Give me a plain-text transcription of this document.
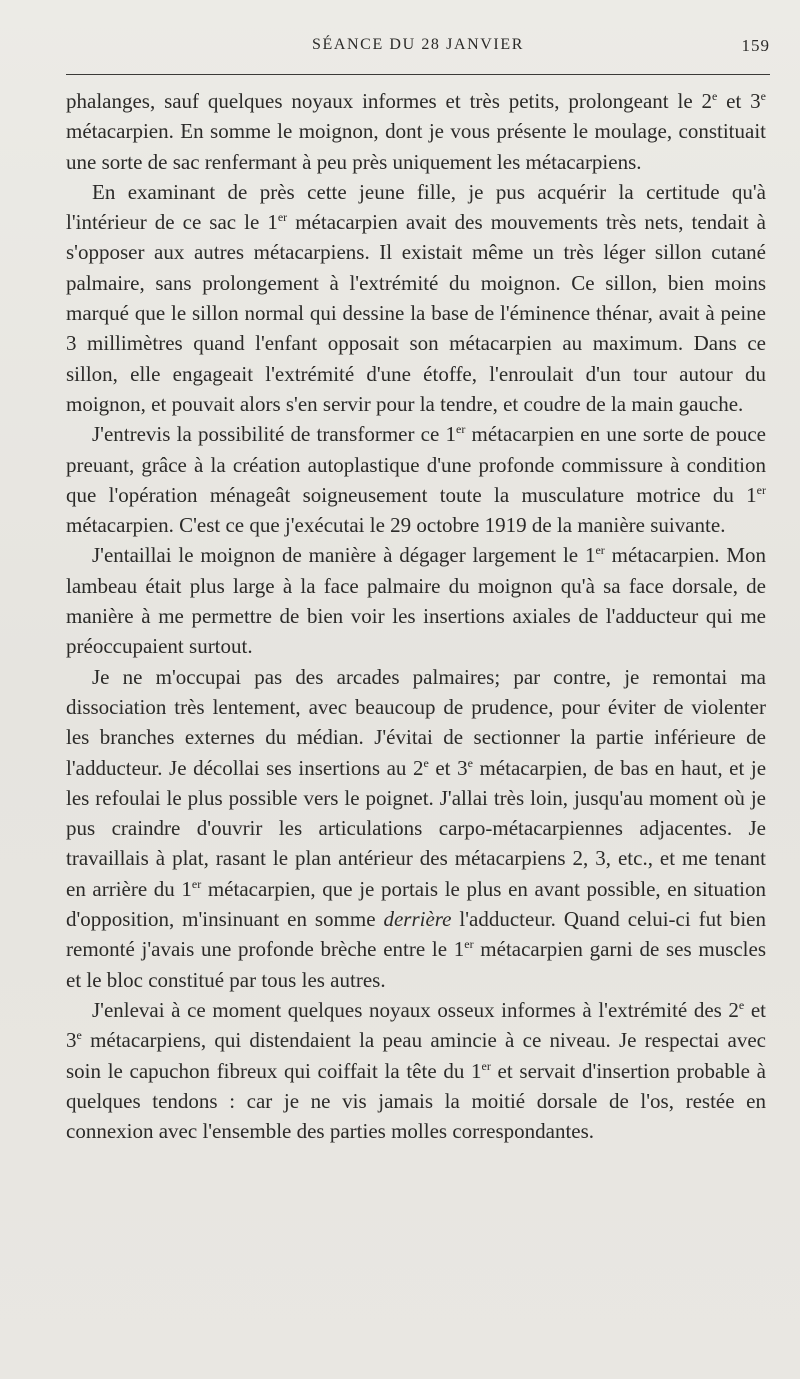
SÉANCE DU 28 JANVIER	159

phalanges, sauf quelques noyaux informes et très petits, prolongeant le 2e et 3e métacarpien. En somme le moignon, dont je vous présente le moulage, constituait une sorte de sac renfermant à peu près uniquement les métacarpiens.

En examinant de près cette jeune fille, je pus acquérir la certitude qu'à l'intérieur de ce sac le 1er métacarpien avait des mouvements très nets, tendait à s'opposer aux autres métacarpiens. Il existait même un très léger sillon cutané palmaire, sans prolongement à l'extrémité du moignon. Ce sillon, bien moins marqué que le sillon normal qui dessine la base de l'éminence thénar, avait à peine 3 millimètres quand l'enfant opposait son métacarpien au maximum. Dans ce sillon, elle engageait l'extrémité d'une étoffe, l'enroulait d'un tour autour du moignon, et pouvait alors s'en servir pour la tendre, et coudre de la main gauche.

J'entrevis la possibilité de transformer ce 1er métacarpien en une sorte de pouce preuant, grâce à la création autoplastique d'une profonde commissure à condition que l'opération ménageât soigneusement toute la musculature motrice du 1er métacarpien. C'est ce que j'exécutai le 29 octobre 1919 de la manière suivante.

J'entaillai le moignon de manière à dégager largement le 1er métacarpien. Mon lambeau était plus large à la face palmaire du moignon qu'à sa face dorsale, de manière à me permettre de bien voir les insertions axiales de l'adducteur qui me préoccupaient surtout.

Je ne m'occupai pas des arcades palmaires; par contre, je remontai ma dissociation très lentement, avec beaucoup de prudence, pour éviter de violenter les branches externes du médian. J'évitai de sectionner la partie inférieure de l'adducteur. Je décollai ses insertions au 2e et 3e métacarpien, de bas en haut, et je les refoulai le plus possible vers le poignet. J'allai très loin, jusqu'au moment où je pus craindre d'ouvrir les articulations carpo-métacarpiennes adjacentes. Je travaillais à plat, rasant le plan antérieur des métacarpiens 2, 3, etc., et me tenant en arrière du 1er métacarpien, que je portais le plus en avant possible, en situation d'opposition, m'insinuant en somme derrière l'adducteur. Quand celui-ci fut bien remonté j'avais une profonde brèche entre le 1er métacarpien garni de ses muscles et le bloc constitué par tous les autres.

J'enlevai à ce moment quelques noyaux osseux informes à l'extrémité des 2e et 3e métacarpiens, qui distendaient la peau amincie à ce niveau. Je respectai avec soin le capuchon fibreux qui coiffait la tête du 1er et servait d'insertion probable à quelques tendons : car je ne vis jamais la moitié dorsale de l'os, restée en connexion avec l'ensemble des parties molles correspondantes.
